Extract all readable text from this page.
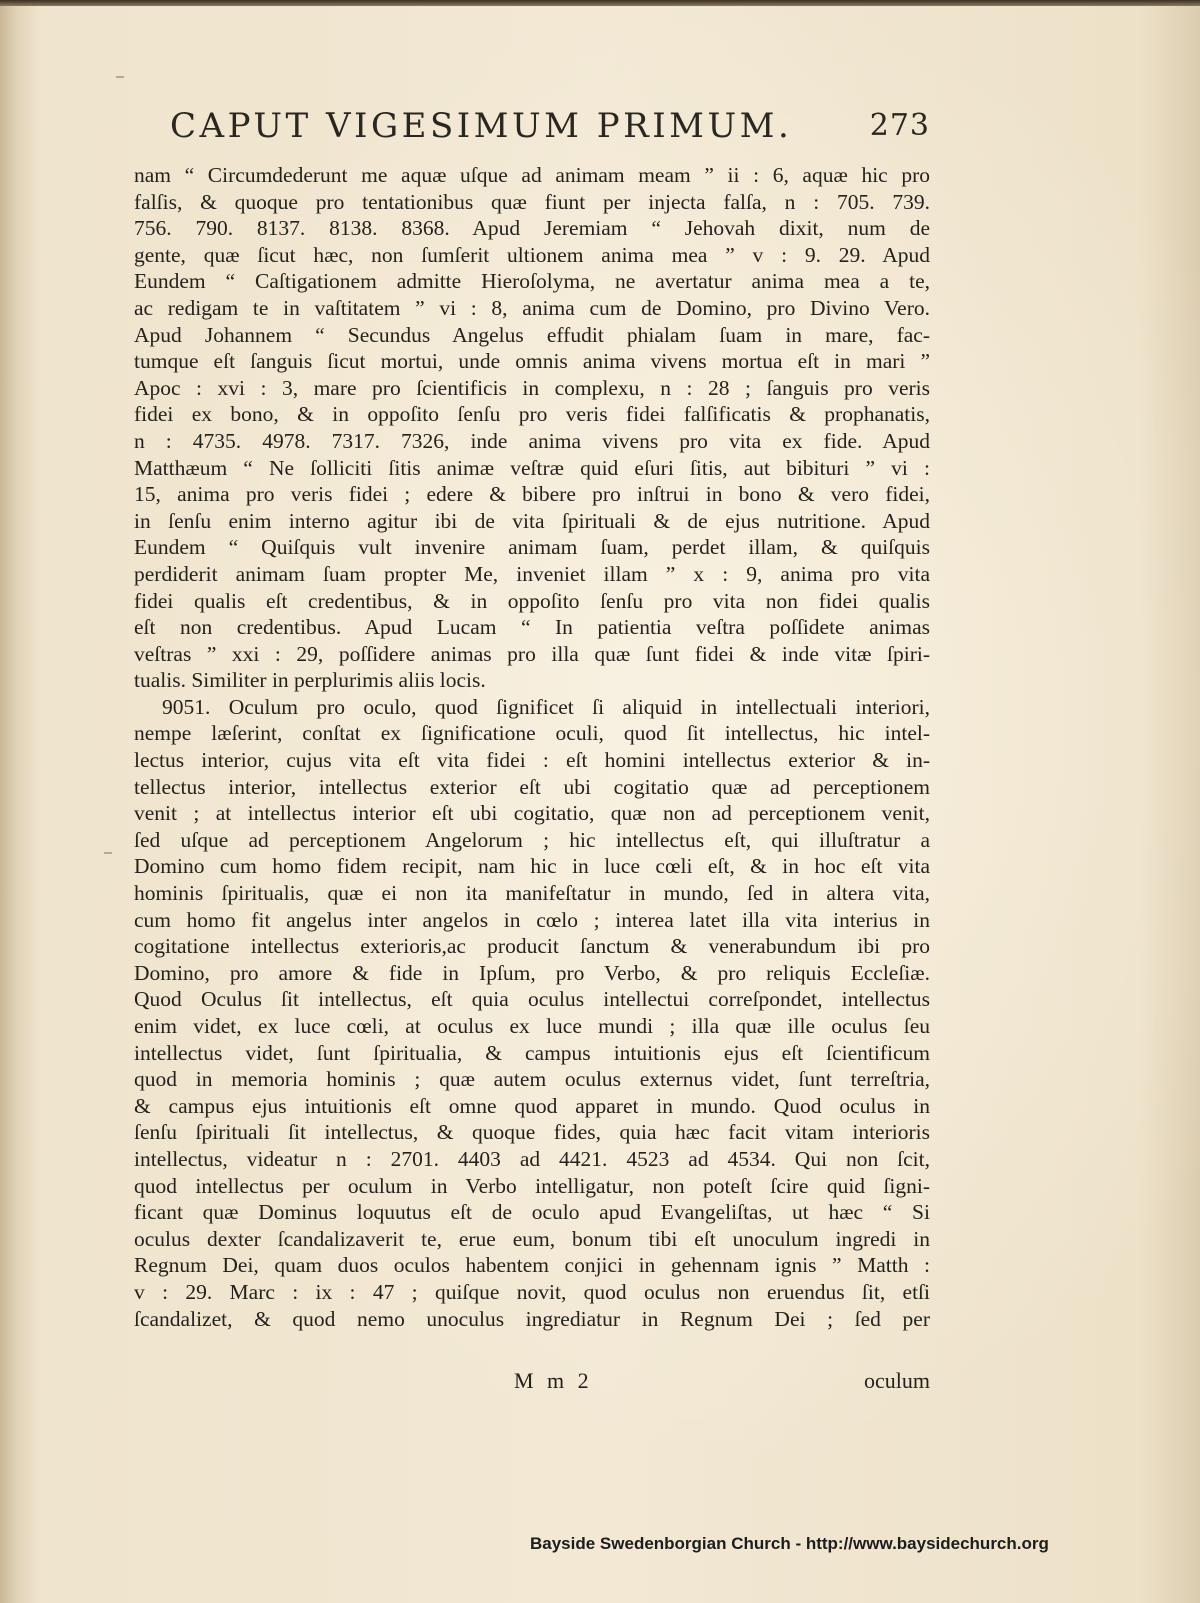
CAPUT VIGESIMUM PRIMUM.	273
nam “ Circumdederunt me aquæ uſque ad animam meam ” ii : 6, aquæ hic pro
falſis, & quoque pro tentationibus quæ fiunt per injecta falſa, n : 705. 739.
756. 790. 8137. 8138. 8368. Apud Jeremiam “ Jehovah dixit, num de
gente, quæ ſicut hæc, non ſumſerit ultionem anima mea ” v : 9. 29. Apud
Eundem “ Caſtigationem admitte Hieroſolyma, ne avertatur anima mea a te,
ac redigam te in vaſtitatem ” vi : 8, anima cum de Domino, pro Divino Vero.
Apud Johannem “ Secundus Angelus effudit phialam ſuam in mare, fac-
tumque eſt ſanguis ſicut mortui, unde omnis anima vivens mortua eſt in mari ”
Apoc : xvi : 3, mare pro ſcientificis in complexu, n : 28 ; ſanguis pro veris
fidei ex bono, & in oppoſito ſenſu pro veris fidei falſificatis & prophanatis,
n : 4735. 4978. 7317. 7326, inde anima vivens pro vita ex fide. Apud
Matthæum “ Ne ſolliciti ſitis animæ veſtræ quid eſuri ſitis, aut bibituri ” vi :
15, anima pro veris fidei ; edere & bibere pro inſtrui in bono & vero fidei,
in ſenſu enim interno agitur ibi de vita ſpirituali & de ejus nutritione. Apud
Eundem “ Quiſquis vult invenire animam ſuam, perdet illam, & quiſquis
perdiderit animam ſuam propter Me, inveniet illam ” x : 9, anima pro vita
fidei qualis eſt credentibus, & in oppoſito ſenſu pro vita non fidei qualis
eſt non credentibus. Apud Lucam “ In patientia veſtra poſſidete animas
veſtras ” xxi : 29, poſſidere animas pro illa quæ ſunt fidei & inde vitæ ſpiri-
tualis. Similiter in perplurimis aliis locis.
9051. Oculum pro oculo, quod ſignificet ſi aliquid in intellectuali interiori,
nempe læſerint, conſtat ex ſignificatione oculi, quod ſit intellectus, hic intel-
lectus interior, cujus vita eſt vita fidei : eſt homini intellectus exterior & in-
tellectus interior, intellectus exterior eſt ubi cogitatio quæ ad perceptionem
venit ; at intellectus interior eſt ubi cogitatio, quæ non ad perceptionem venit,
ſed uſque ad perceptionem Angelorum ; hic intellectus eſt, qui illuſtratur a
Domino cum homo fidem recipit, nam hic in luce cœli eſt, & in hoc eſt vita
hominis ſpiritualis, quæ ei non ita manifeſtatur in mundo, ſed in altera vita,
cum homo fit angelus inter angelos in cœlo ; interea latet illa vita interius in
cogitatione intellectus exterioris,ac producit ſanctum & venerabundum ibi pro
Domino, pro amore & fide in Ipſum, pro Verbo, & pro reliquis Eccleſiæ.
Quod Oculus ſit intellectus, eſt quia oculus intellectui correſpondet, intellectus
enim videt, ex luce cœli, at oculus ex luce mundi ; illa quæ ille oculus ſeu
intellectus videt, ſunt ſpiritualia, & campus intuitionis ejus eſt ſcientificum
quod in memoria hominis ; quæ autem oculus externus videt, ſunt terreſtria,
& campus ejus intuitionis eſt omne quod apparet in mundo. Quod oculus in
ſenſu ſpirituali ſit intellectus, & quoque fides, quia hæc facit vitam interioris
intellectus, videatur n : 2701. 4403 ad 4421. 4523 ad 4534. Qui non ſcit,
quod intellectus per oculum in Verbo intelligatur, non poteſt ſcire quid ſigni-
ficant quæ Dominus loquutus eſt de oculo apud Evangeliſtas, ut hæc “ Si
oculus dexter ſcandalizaverit te, erue eum, bonum tibi eſt unoculum ingredi in
Regnum Dei, quam duos oculos habentem conjici in gehennam ignis ” Matth :
v : 29. Marc : ix : 47 ; quiſque novit, quod oculus non eruendus ſit, etſi
ſcandalizet, & quod nemo unoculus ingrediatur in Regnum Dei ; ſed per
M m 2	oculum
Bayside Swedenborgian Church - http://www.baysidechurch.org
